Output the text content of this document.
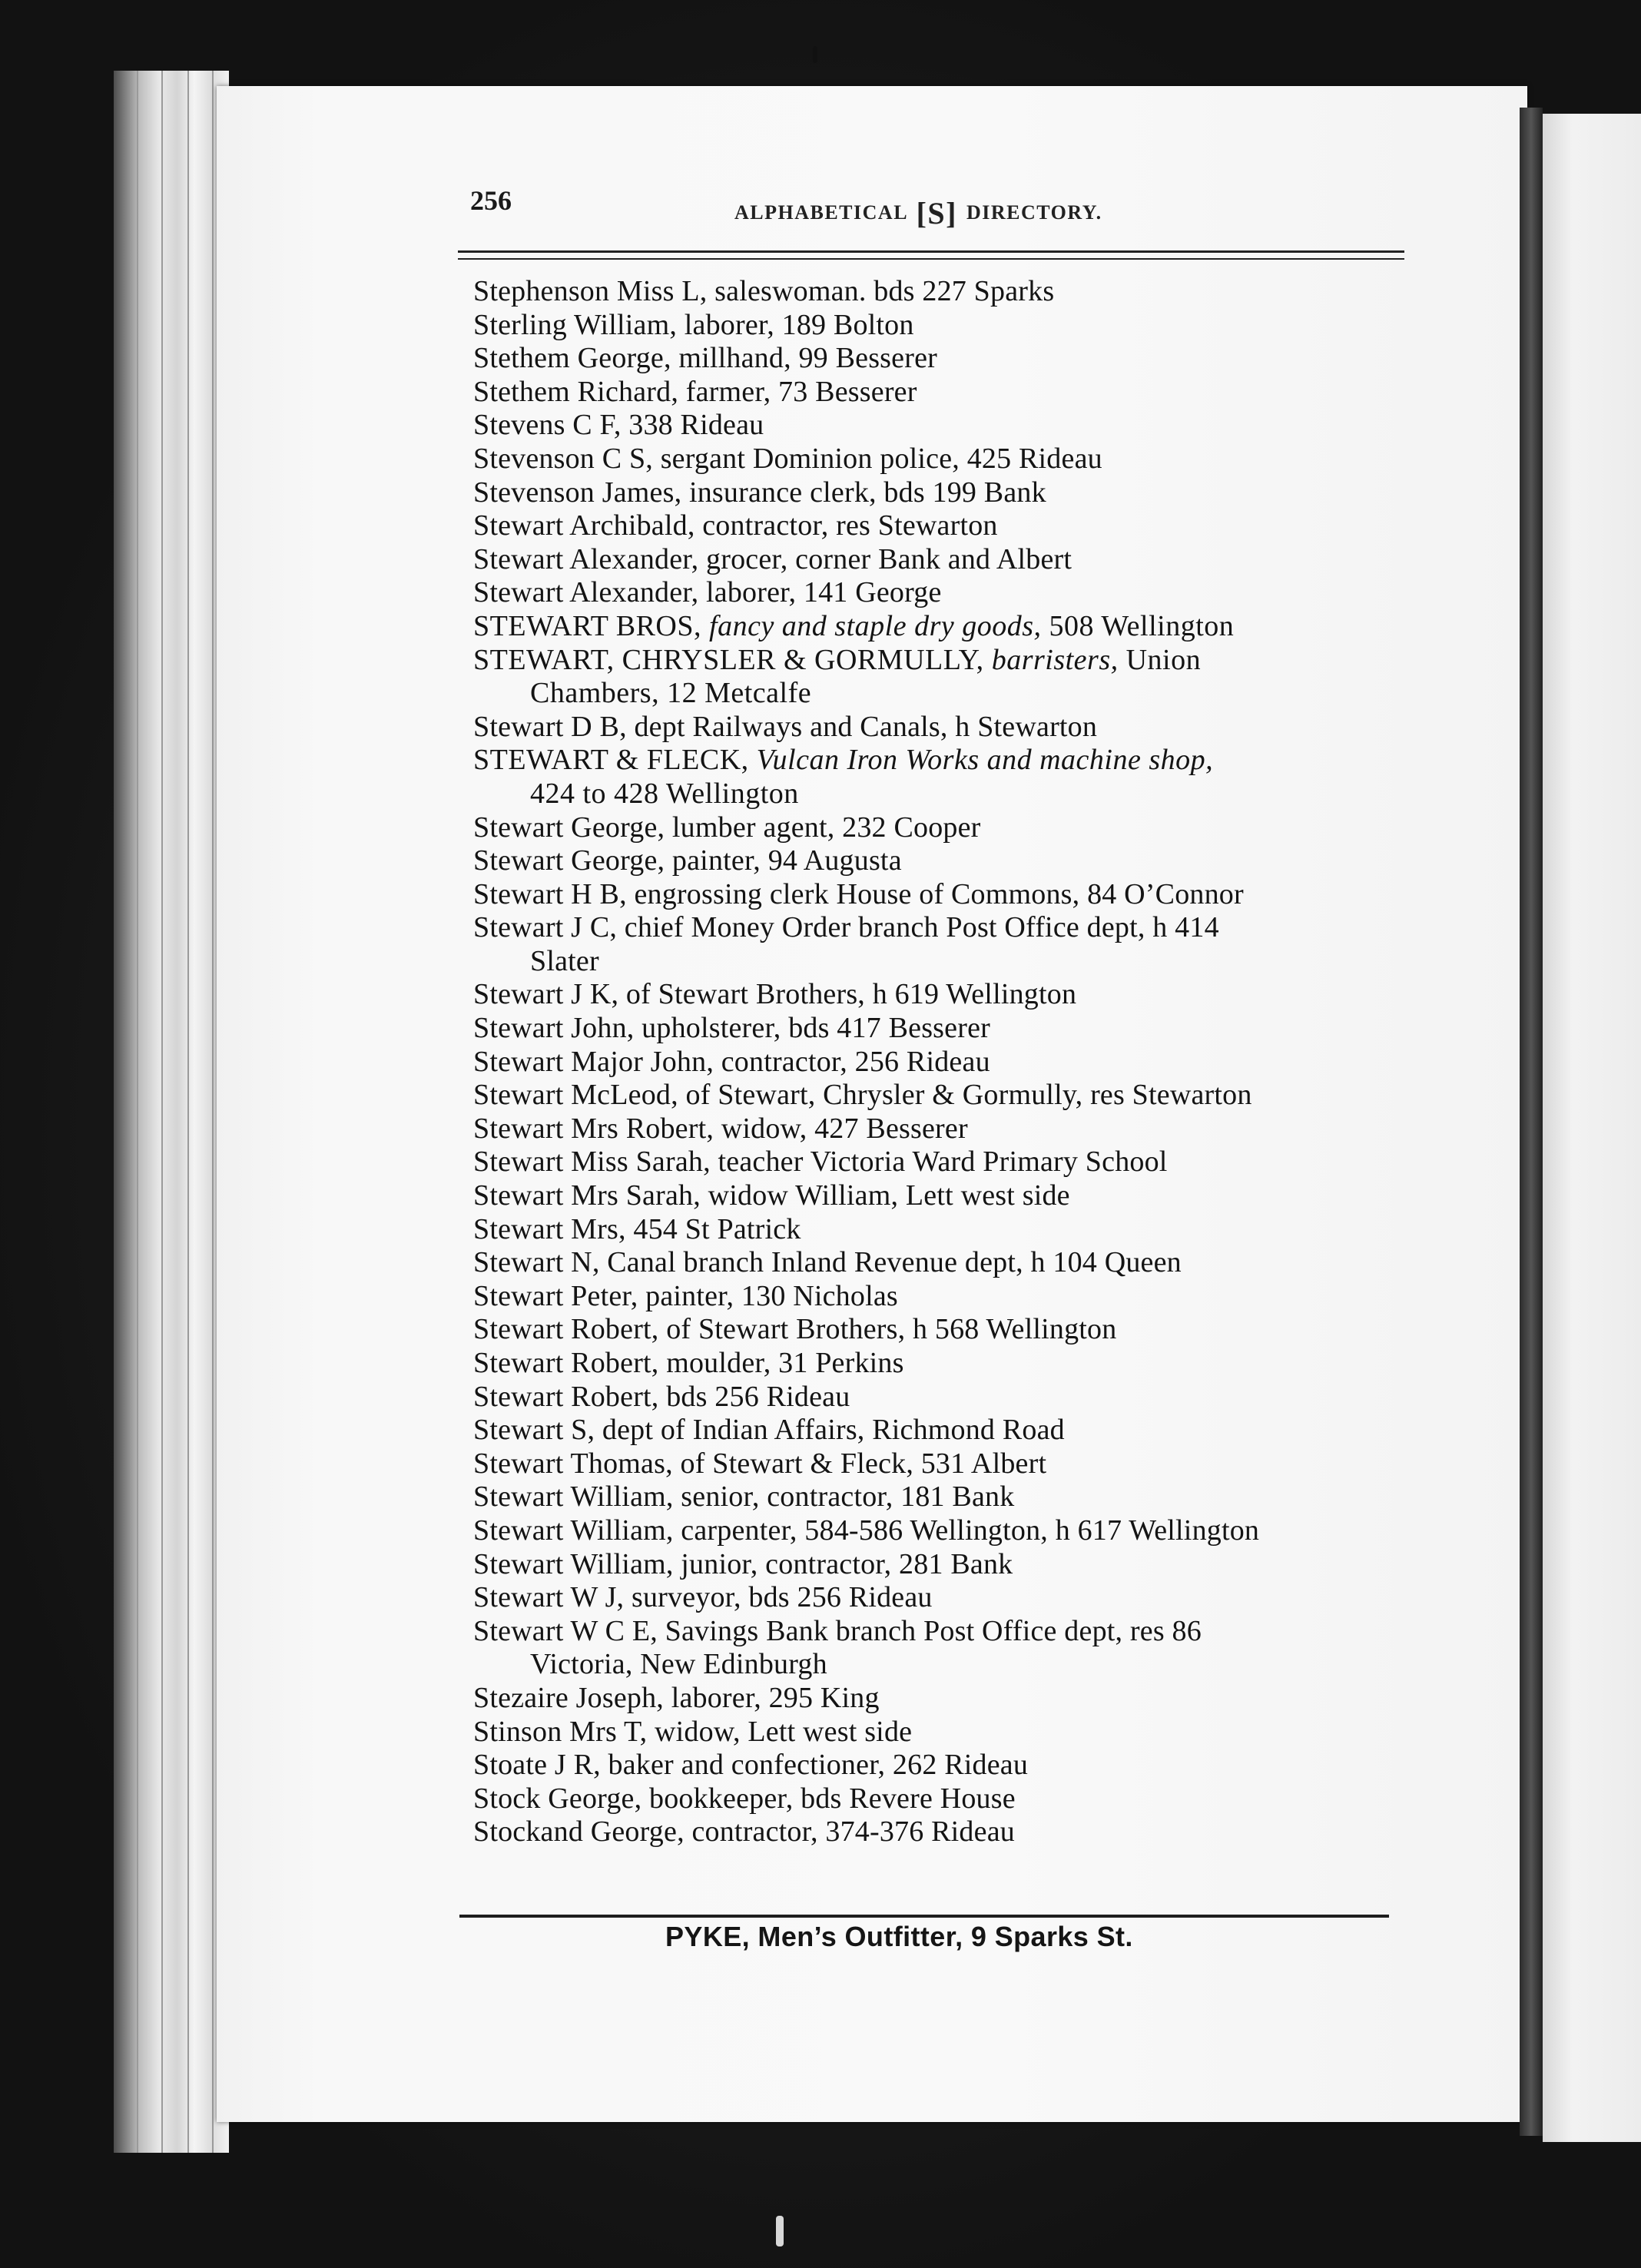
256	ALPHABETICAL [S] DIRECTORY.
Stephenson Miss L, saleswoman. bds 227 Sparks
Sterling William, laborer, 189 Bolton
Stethem George, millhand, 99 Besserer
Stethem Richard, farmer, 73 Besserer
Stevens C F, 338 Rideau
Stevenson C S, sergant Dominion police, 425 Rideau
Stevenson James, insurance clerk, bds 199 Bank
Stewart Archibald, contractor, res Stewarton
Stewart Alexander, grocer, corner Bank and Albert
Stewart Alexander, laborer, 141 George
STEWART BROS, fancy and staple dry goods, 508 Wellington
STEWART, CHRYSLER & GORMULLY, barristers, Union
Chambers, 12 Metcalfe
Stewart D B, dept Railways and Canals, h Stewarton
STEWART & FLECK, Vulcan Iron Works and machine shop,
424 to 428 Wellington
Stewart George, lumber agent, 232 Cooper
Stewart George, painter, 94 Augusta
Stewart H B, engrossing clerk House of Commons, 84 O’Connor
Stewart J C, chief Money Order branch Post Office dept, h 414
Slater
Stewart J K, of Stewart Brothers, h 619 Wellington
Stewart John, upholsterer, bds 417 Besserer
Stewart Major John, contractor, 256 Rideau
Stewart McLeod, of Stewart, Chrysler & Gormully, res Stewarton
Stewart Mrs Robert, widow, 427 Besserer
Stewart Miss Sarah, teacher Victoria Ward Primary School
Stewart Mrs Sarah, widow William, Lett west side
Stewart Mrs, 454 St Patrick
Stewart N, Canal branch Inland Revenue dept, h 104 Queen
Stewart Peter, painter, 130 Nicholas
Stewart Robert, of Stewart Brothers, h 568 Wellington
Stewart Robert, moulder, 31 Perkins
Stewart Robert, bds 256 Rideau
Stewart S, dept of Indian Affairs, Richmond Road
Stewart Thomas, of Stewart & Fleck, 531 Albert
Stewart William, senior, contractor, 181 Bank
Stewart William, carpenter, 584-586 Wellington, h 617 Wellington
Stewart William, junior, contractor, 281 Bank
Stewart W J, surveyor, bds 256 Rideau
Stewart W C E, Savings Bank branch Post Office dept, res 86
Victoria, New Edinburgh
Stezaire Joseph, laborer, 295 King
Stinson Mrs T, widow, Lett west side
Stoate J R, baker and confectioner, 262 Rideau
Stock George, bookkeeper, bds Revere House
Stockand George, contractor, 374-376 Rideau
PYKE, Men’s Outfitter, 9 Sparks St.
